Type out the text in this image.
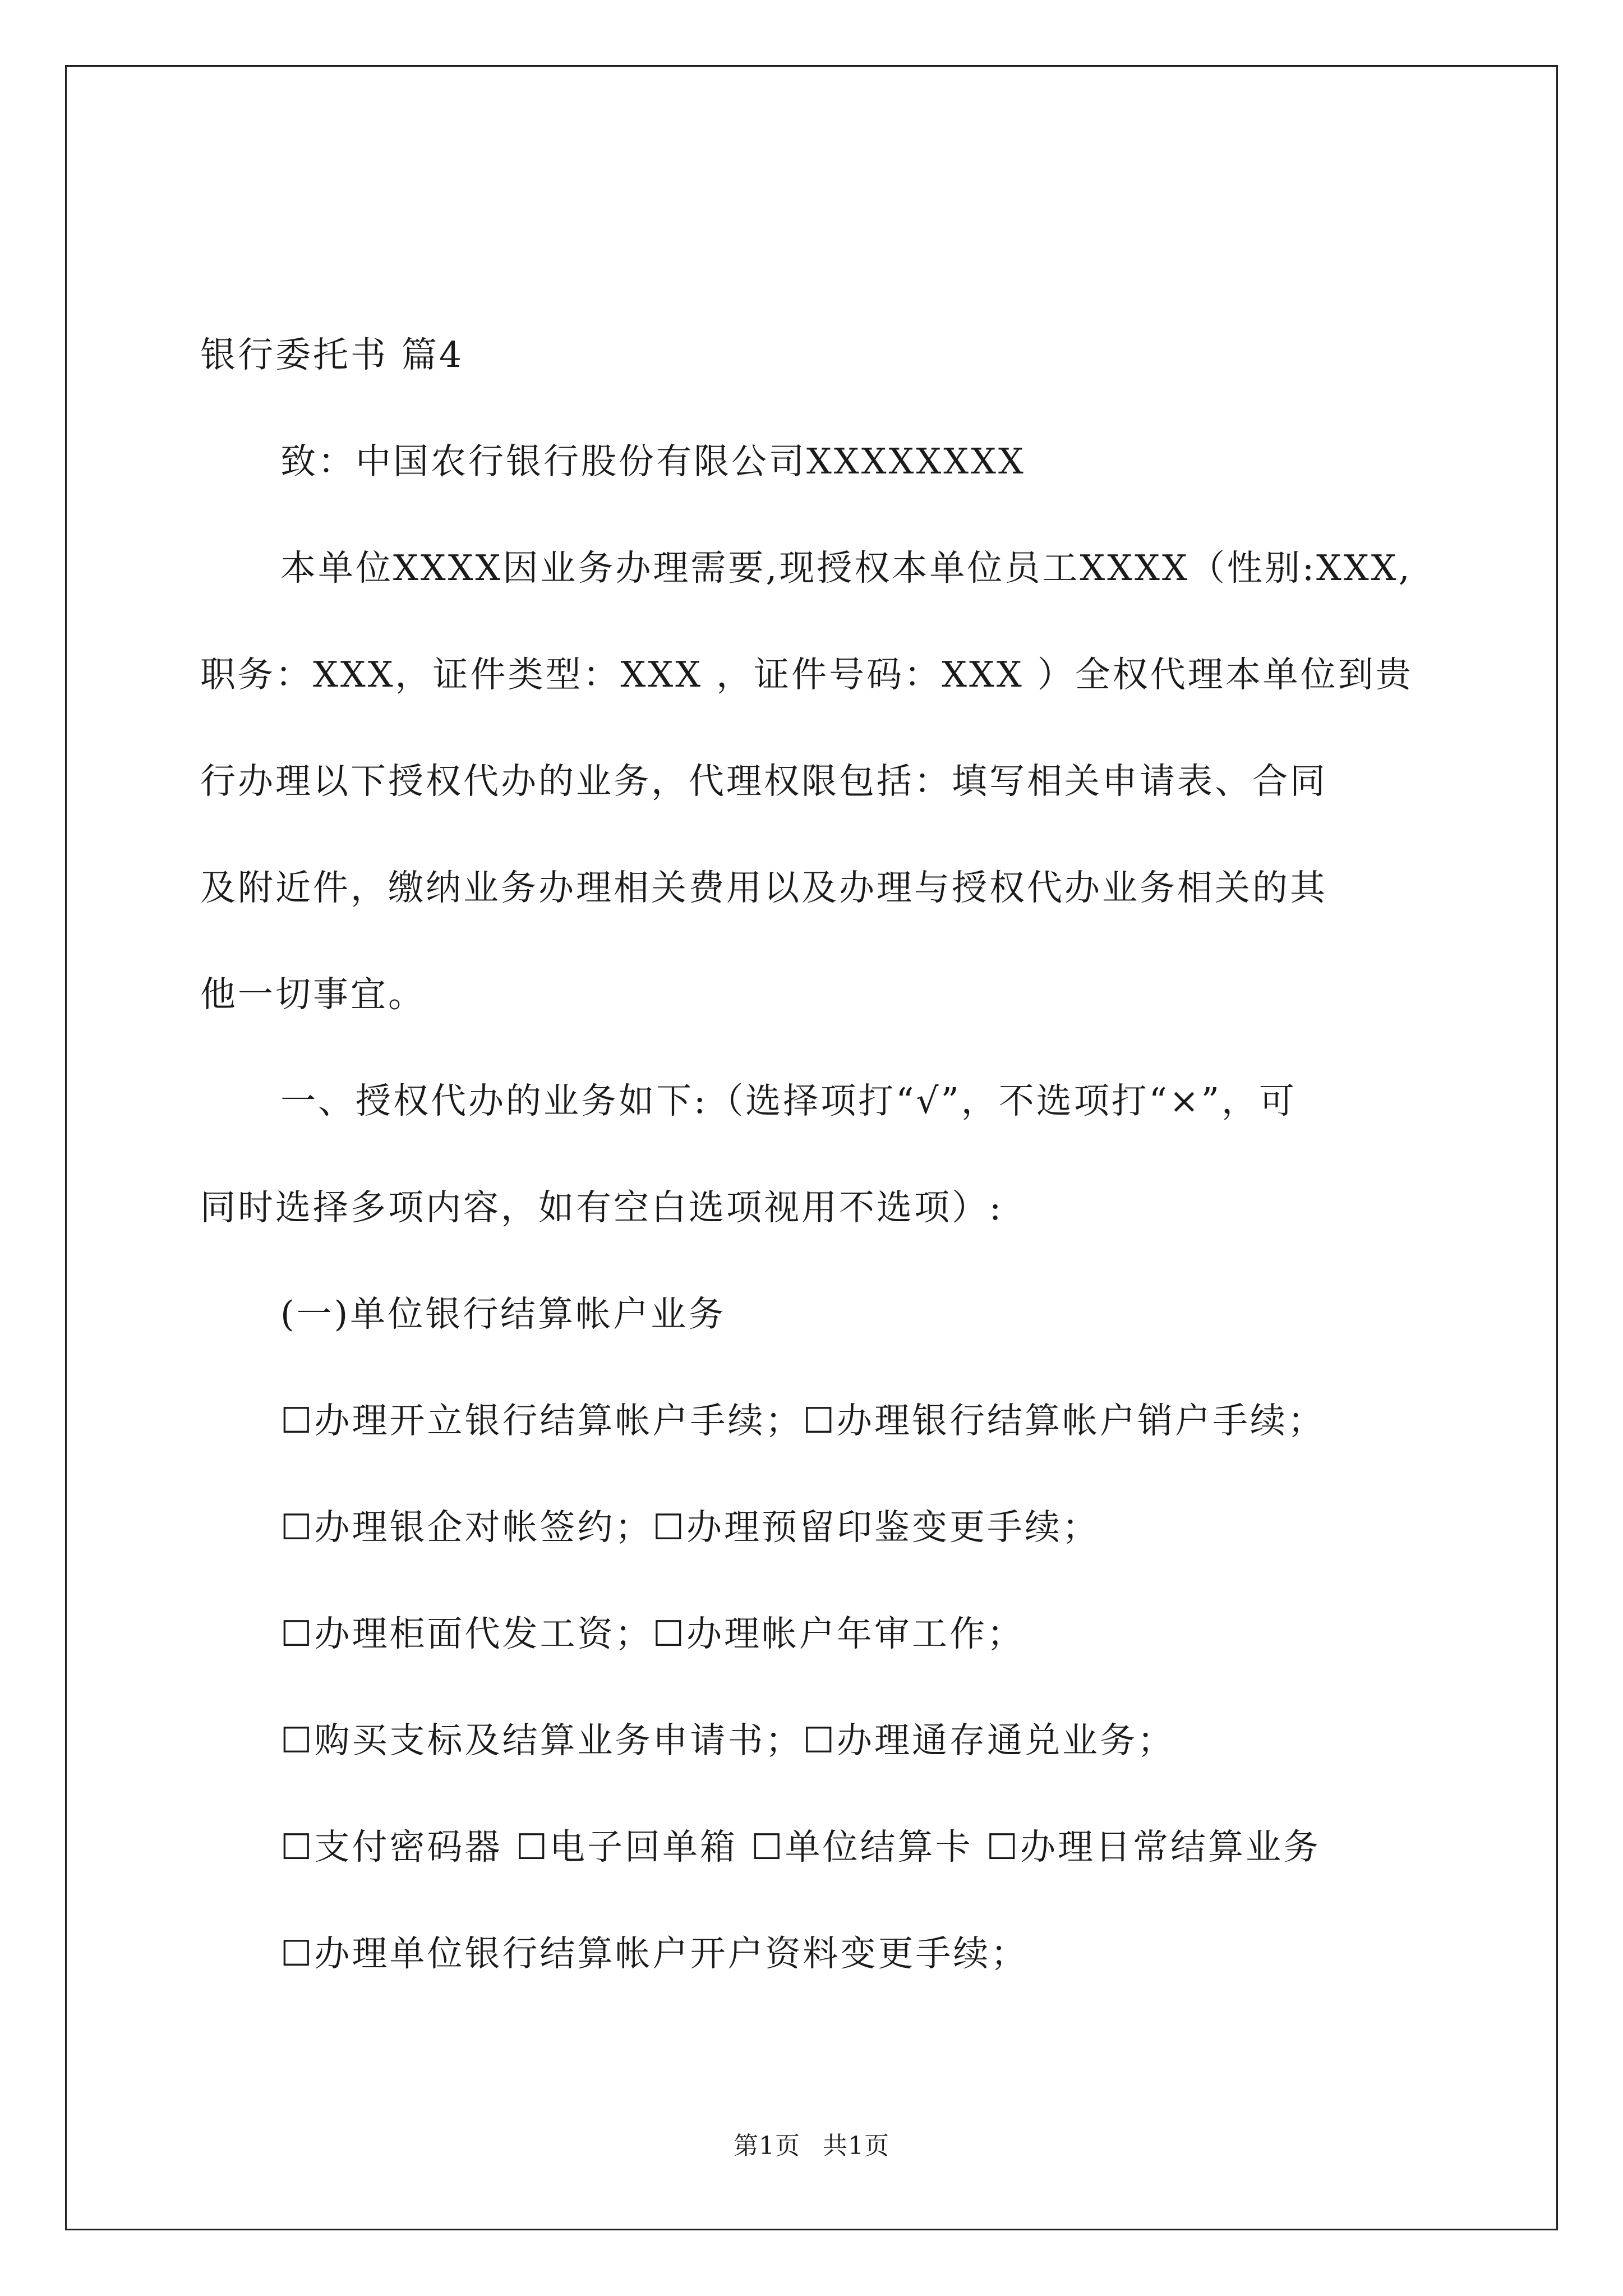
银行委托书 篇4
致：中国农行银行股份有限公司XXXXXXXX
本单位XXXX因业务办理需要,现授权本单位员工XXXX（性别:XXX,
职务：XXX，证件类型：XXX ，证件号码：XXX ）全权代理本单位到贵
行办理以下授权代办的业务，代理权限包括：填写相关申请表、合同
及附近件，缴纳业务办理相关费用以及办理与授权代办业务相关的其
他一切事宜。
一、授权代办的业务如下:（选择项打“√”，不选项打“×”，可
同时选择多项内容，如有空白选项视用不选项）:
(一)单位银行结算帐户业务
☐办理开立银行结算帐户手续；☐办理银行结算帐户销户手续；
☐办理银企对帐签约；☐办理预留印鉴变更手续；
☐办理柜面代发工资；☐办理帐户年审工作；
☐购买支标及结算业务申请书；☐办理通存通兑业务；
☐支付密码器 ☐电子回单箱 ☐单位结算卡 ☐办理日常结算业务
☐办理单位银行结算帐户开户资料变更手续；
第1页 共1页
